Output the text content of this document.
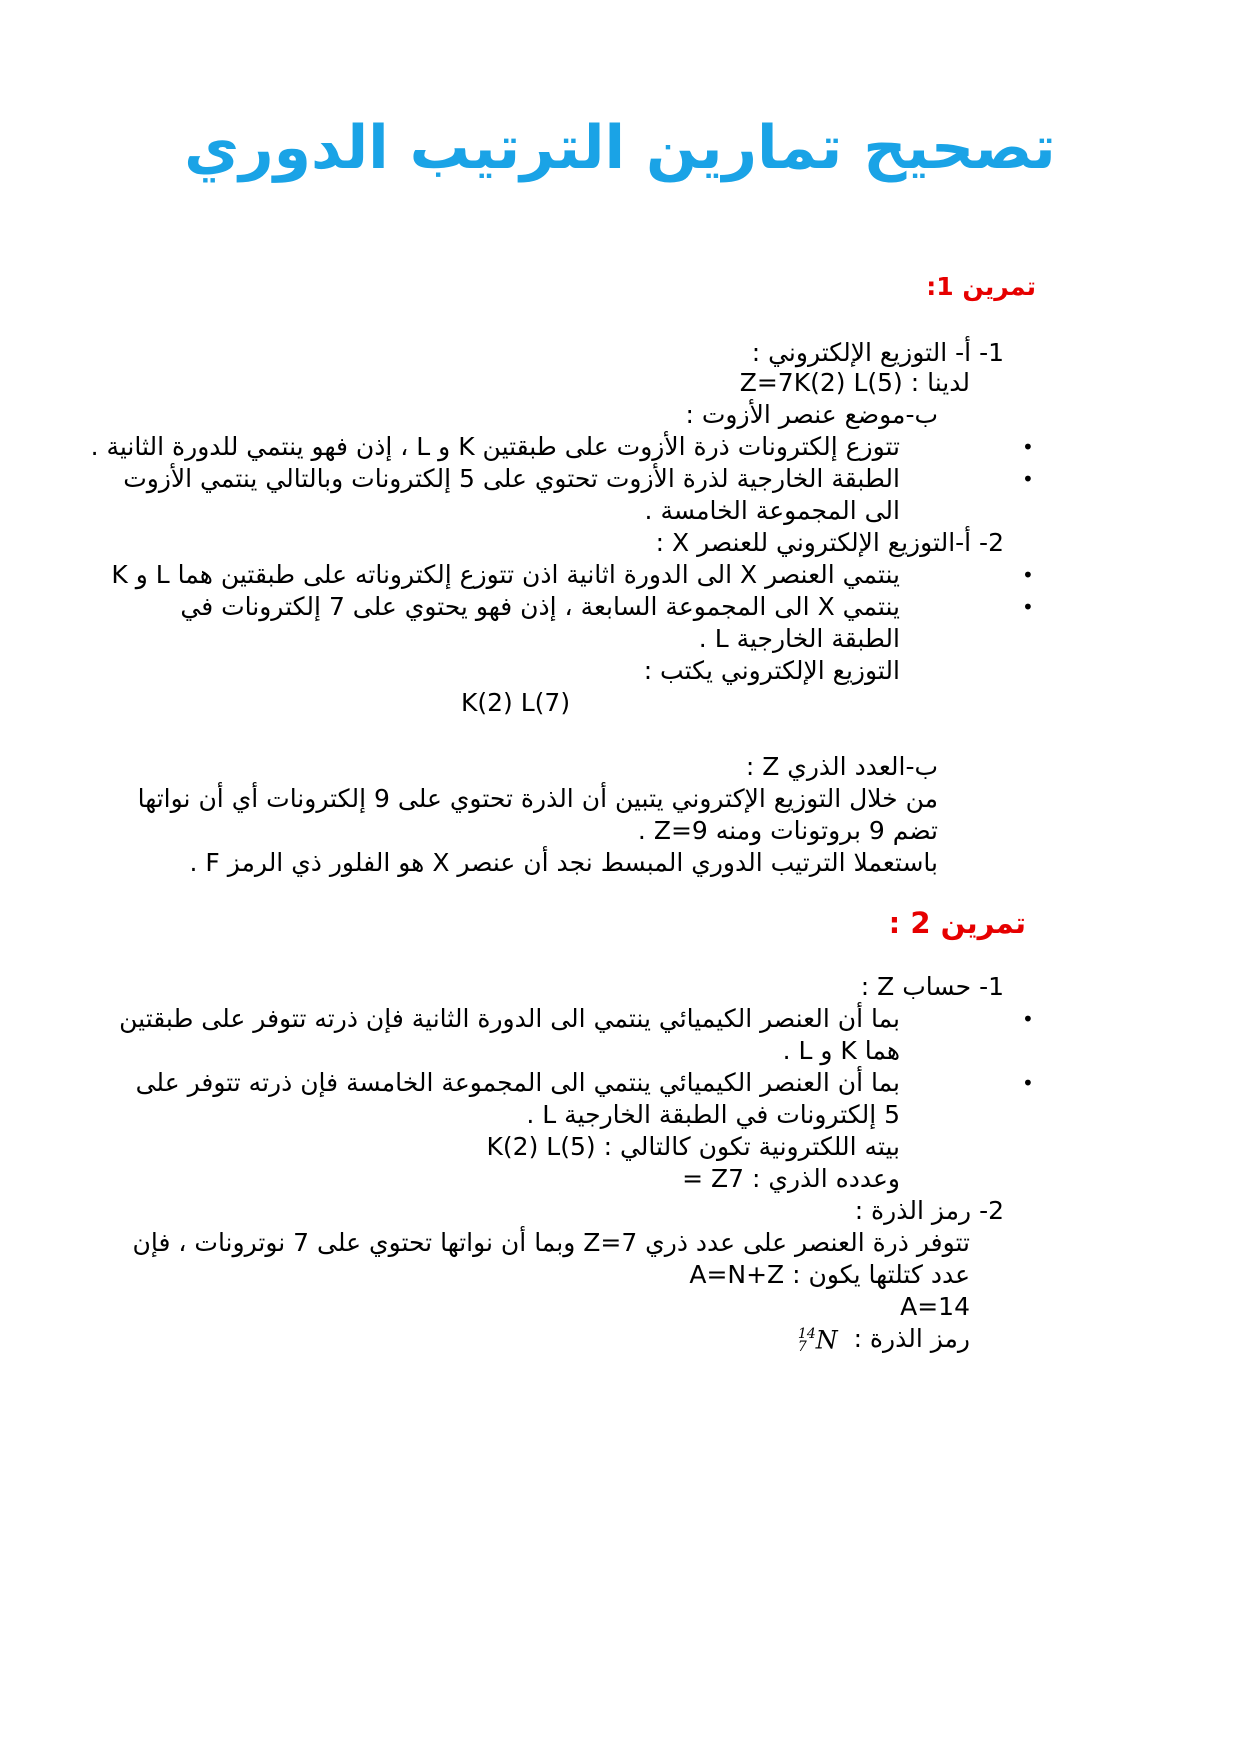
تصحيح تمارين الترتيب الدوري
تمرين 1:
1- أ- التوزيع الإلكتروني :
لدينا : Z=7K(2) L(5)
ب-موضع عنصر الأزوت :
•
تتوزع إلكترونات ذرة الأزوت على طبقتين K و L ، إذن فهو ينتمي للدورة الثانية .
•
الطبقة الخارجية لذرة الأزوت تحتوي على 5 إلكترونات وبالتالي ينتمي الأزوت
الى المجموعة الخامسة .
2- أ-التوزيع الإلكتروني للعنصر X :
•
ينتمي العنصر X الى الدورة اثانية اذن تتوزع إلكتروناته على طبقتين هما L و K
•
ينتمي X الى المجموعة السابعة ، إذن فهو يحتوي على 7 إلكترونات في
الطبقة الخارجية L .
التوزيع الإلكتروني يكتب :
K(2) L(7)
ب-العدد الذري Z :
من خلال التوزيع الإكتروني يتبين أن الذرة تحتوي على 9 إلكترونات أي أن نواتها
تضم 9 بروتونات ومنه Z=9 .
باستعملا الترتيب الدوري المبسط نجد أن عنصر X هو الفلور ذي الرمز F .
تمرين 2 :
1- حساب Z :
•
بما أن العنصر الكيميائي ينتمي الى الدورة الثانية فإن ذرته تتوفر على طبقتين
هما K و L .
•
بما أن العنصر الكيميائي ينتمي الى المجموعة الخامسة فإن ذرته تتوفر على
5 إلكترونات في الطبقة الخارجية L .
بيته اللكترونية تكون كالتالي : K(2) L(5)
وعدده الذري : Z7 =
2- رمز الذرة :
تتوفر ذرة العنصر على عدد ذري Z=7 وبما أن نواتها تحتوي على 7 نوترونات ، فإن
عدد كتلتها يكون : A=N+Z
A=14
رمز الذرة :
14
7 N
